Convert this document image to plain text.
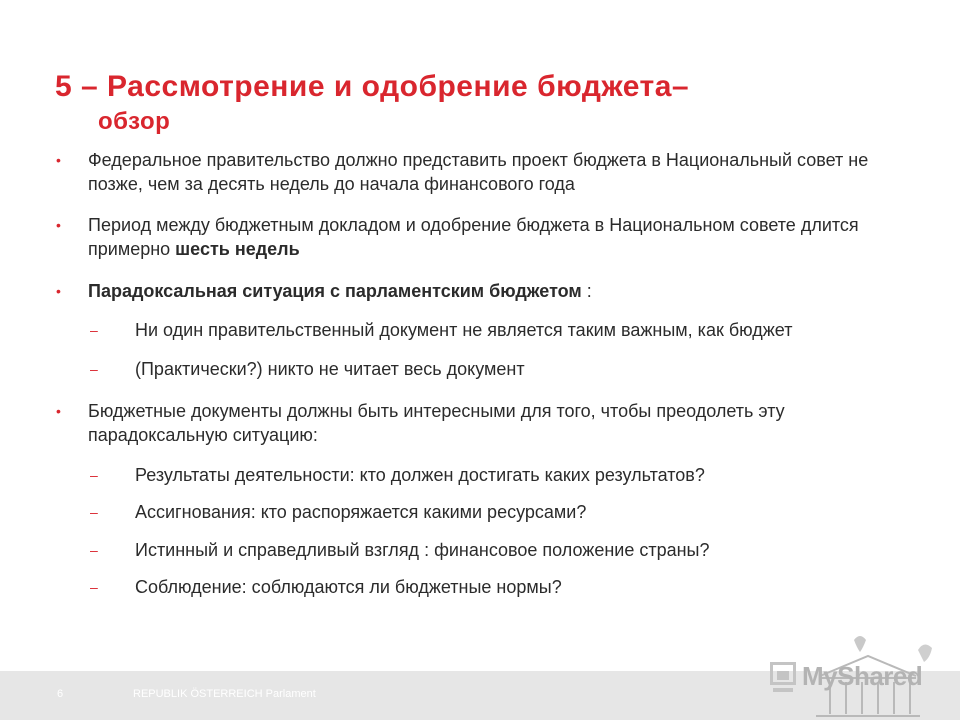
5 – Рассмотрение и одобрение бюджета–
обзор
• Федеральное правительство должно представить проект бюджета в Национальный совет не позже, чем за десять недель до начала финансового года
• Период между бюджетным докладом и одобрение бюджета в Национальном совете длится примерно шесть недель
• Парадоксальная ситуация с парламентским бюджетом :
– Ни один правительственный документ не является таким важным, как бюджет
– (Практически?) никто не читает весь документ
• Бюджетные документы должны быть интересными для того, чтобы преодолеть эту парадоксальную ситуацию:
– Результаты деятельности: кто должен достигать каких результатов?
– Ассигнования: кто распоряжается какими ресурсами?
– Истинный и справедливый взгляд : финансовое положение страны?
– Соблюдение: соблюдаются ли бюджетные нормы?
6	REPUBLIK ÖSTERREICH Parlament
MyShared
